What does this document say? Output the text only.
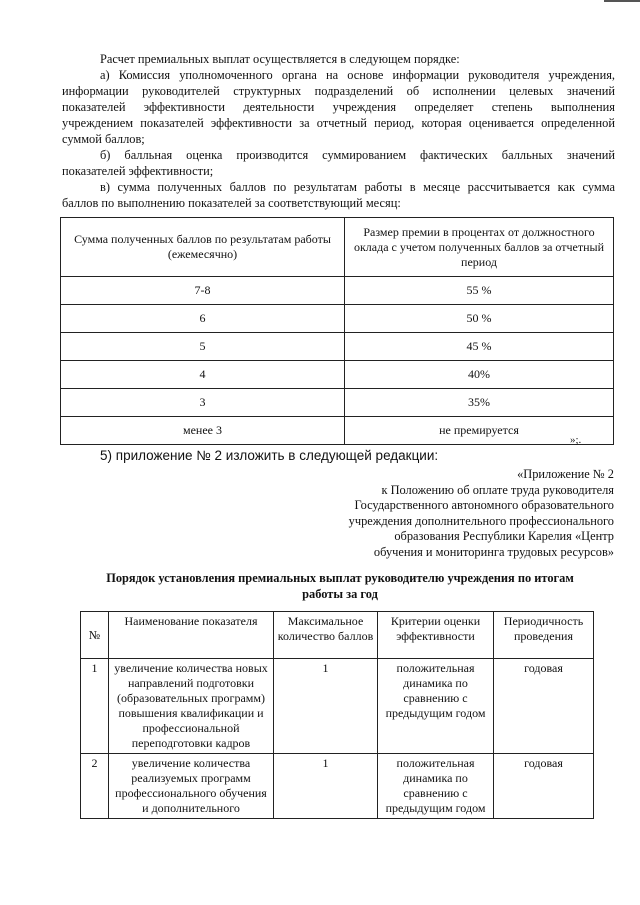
Расчет премиальных выплат осуществляется в следующем порядке:
а) Комиссия уполномоченного органа на основе информации руководителя учреждения,
информации руководителей структурных подразделений об исполнении целевых значений
показателей эффективности деятельности учреждения определяет степень выполнения
учреждением показателей эффективности за отчетный период, которая оценивается определенной
суммой баллов;
б) балльная оценка производится суммированием фактических балльных значений
показателей эффективности;
в) сумма полученных баллов по результатам работы в месяце рассчитывается как сумма
баллов по выполнению показателей за соответствующий месяц:
Сумма полученных баллов по результатам работы (ежемесячно)	Размер премии в процентах от должностного оклада с учетом полученных баллов за отчетный период
7-8	55 %
6	50 %
5	45 %
4	40%
3	35%
менее 3	не премируется
»;.
5) приложение № 2 изложить в следующей редакции:
«Приложение № 2
к Положению об оплате труда руководителя
Государственного автономного образовательного
учреждения дополнительного профессионального
образования Республики Карелия «Центр
обучения и мониторинга трудовых ресурсов»
Порядок установления премиальных выплат руководителю учреждения по итогам
работы за год
№	Наименование показателя	Максимальное количество баллов	Критерии оценки эффективности	Периодичность проведения
1	увеличение количества новых направлений подготовки (образовательных программ) повышения квалификации и профессиональной переподготовки кадров	1	положительная динамика по сравнению с предыдущим годом	годовая
2	увеличение количества реализуемых программ профессионального обучения и дополнительного	1	положительная динамика по сравнению с предыдущим годом	годовая
